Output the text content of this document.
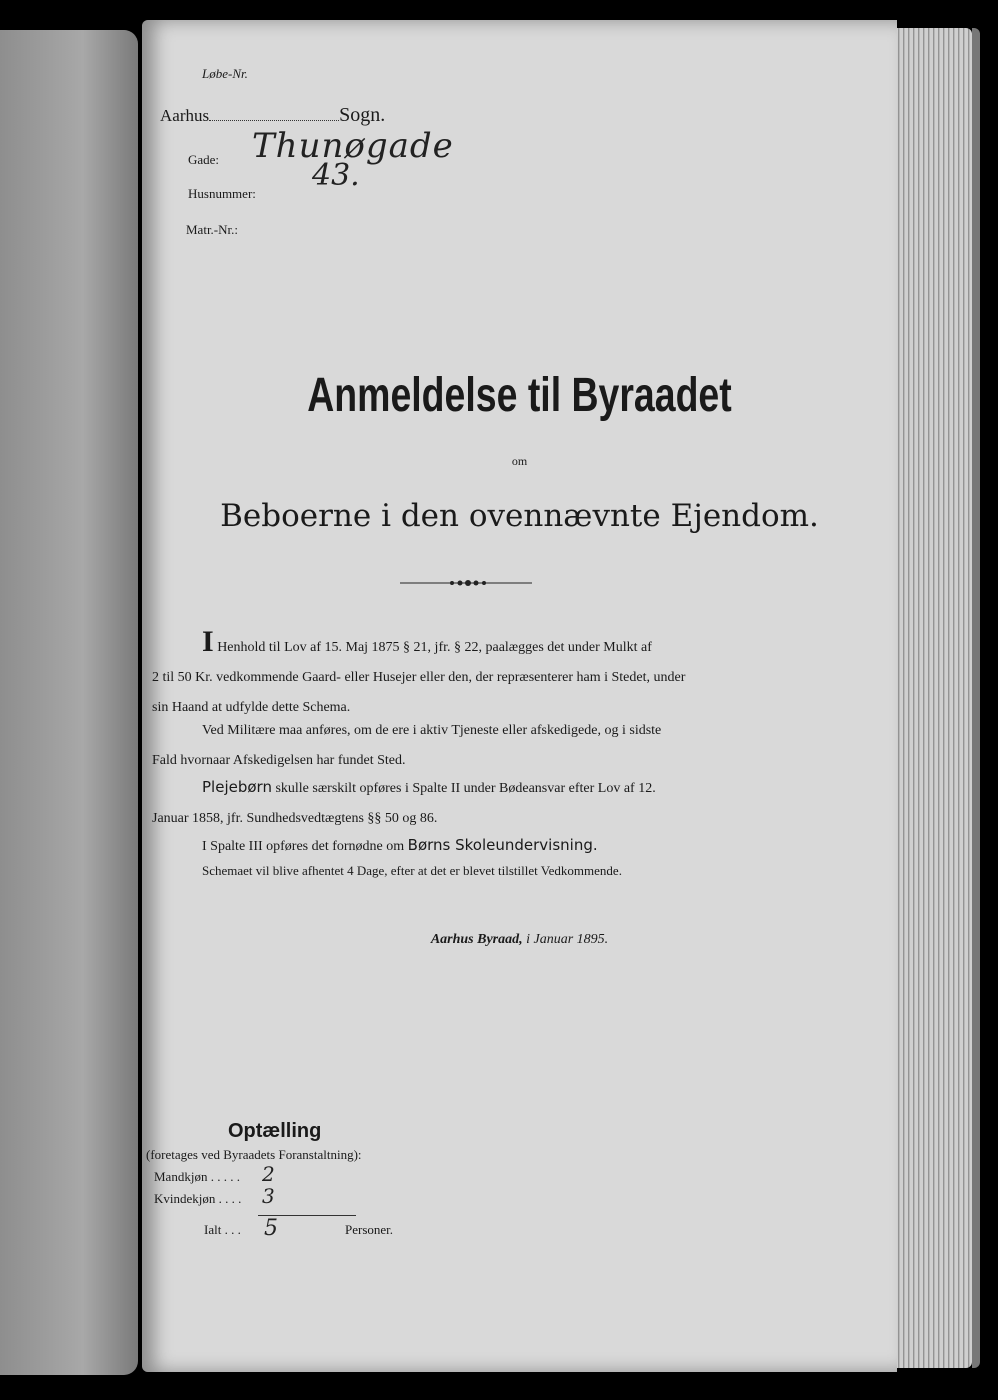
Løbe-Nr.
Aarhus	Sogn.
Gade: Thunøgade
Husnummer:
43.
Matr.-Nr.:
Anmeldelse til Byraadet
om
Beboerne i den ovennævnte Ejendom.
I Henhold til Lov af 15. Maj 1875 § 21, jfr. § 22, paalægges det under Mulkt af
2 til 50 Kr. vedkommende Gaard- eller Husejer eller den, der repræsenterer ham i Stedet, under
sin Haand at udfylde dette Schema.
Ved Militære maa anføres, om de ere i aktiv Tjeneste eller afskedigede, og i sidste
Fald hvornaar Afskedigelsen har fundet Sted.
Plejebørn skulle særskilt opføres i Spalte II under Bødeansvar efter Lov af 12.
Januar 1858, jfr. Sundhedsvedtægtens §§ 50 og 86.
I Spalte III opføres det fornødne om Børns Skoleundervisning.
Schemaet vil blive afhentet 4 Dage, efter at det er blevet tilstillet Vedkommende.
Aarhus Byraad, i Januar 1895.
Optælling
(foretages ved Byraadets Foranstaltning):
Mandkjøn . . . . . 2
Kvindekjøn . . . . 3
Ialt . . . 5	Personer.
